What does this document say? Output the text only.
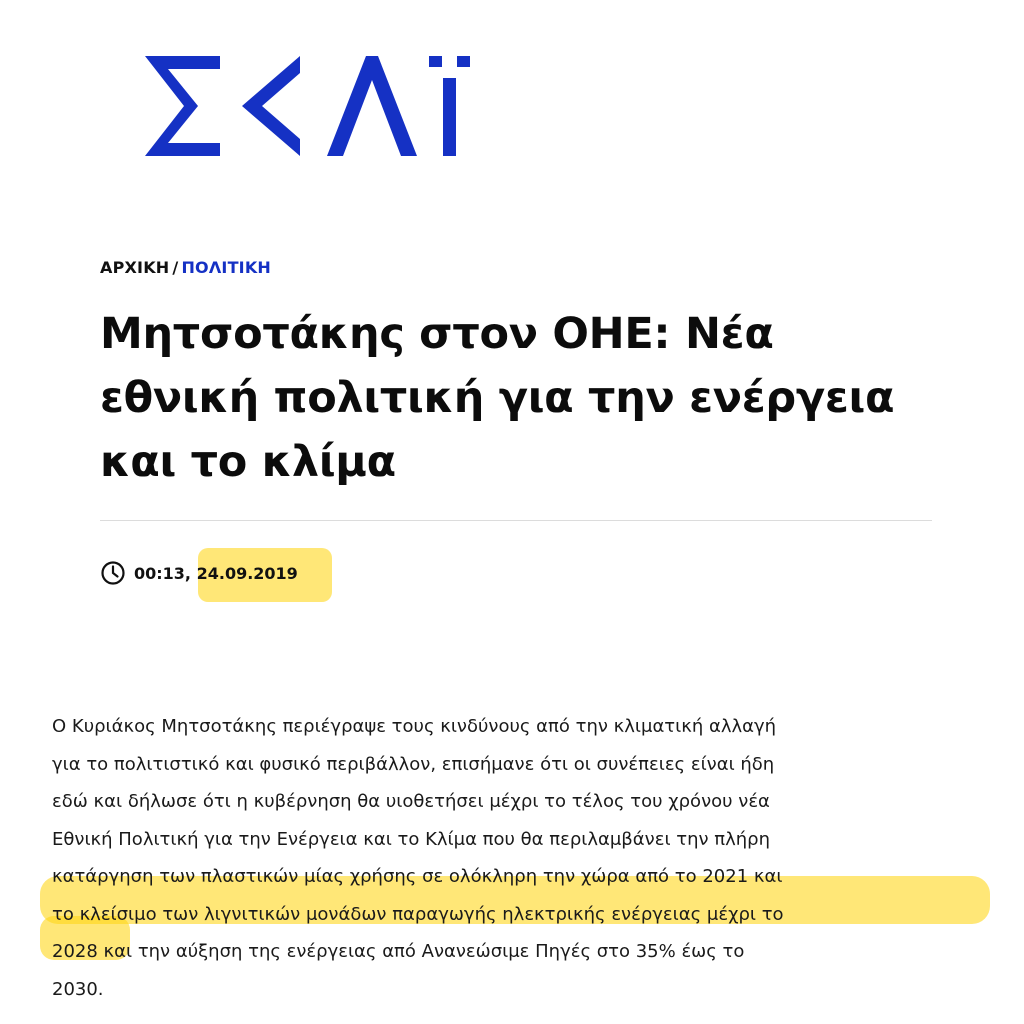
ΑΡΧΙΚΗ / ΠΟΛΙΤΙΚΗ
Μητσοτάκης στον ΟΗΕ: Νέα εθνική πολιτική για την ενέργεια και το κλίμα
00:13,
24.09.2019

Ο Κυριάκος Μητσοτάκης περιέγραψε τους κινδύνους από την κλιματική αλλαγή
για το πολιτιστικό και φυσικό περιβάλλον, επισήμανε ότι οι συνέπειες είναι ήδη
εδώ και δήλωσε ότι η κυβέρνηση θα υιοθετήσει μέχρι το τέλος του χρόνου νέα
Εθνική Πολιτική για την Ενέργεια και το Κλίμα που θα περιλαμβάνει την πλήρη
κατάργηση των πλαστικών μίας χρήσης σε ολόκληρη την χώρα από το 2021 και
το κλείσιμο των λιγνιτικών μονάδων παραγωγής ηλεκτρικής ενέργειας μέχρι το
2028 και την αύξηση της ενέργειας από Ανανεώσιμε Πηγές στο 35% έως το
2030.
